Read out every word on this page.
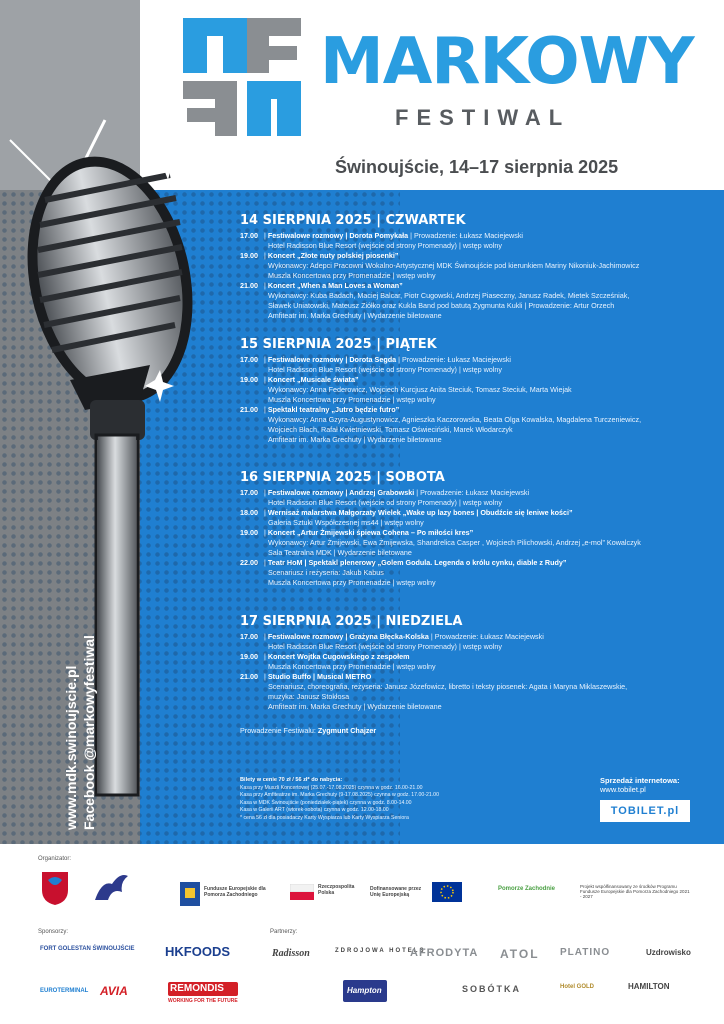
MARKOWY
FESTIWAL
Świnoujście, 14–17 sierpnia 2025
www.mdk.swinoujscie.pl Facebook @markowyfestiwal
14 SIERPNIA 2025 | CZWARTEK
17.00 | Festiwalowe rozmowy | Dorota Pomykała | Prowadzenie: Łukasz Maciejewski
Hotel Radisson Blue Resort (wejście od strony Promenady) | wstęp wolny
19.00 | Koncert „Złote nuty polskiej piosenki”
Wykonawcy: Adepci Pracowni Wokalno-Artystycznej MDK Świnoujście pod kierunkiem Mariny Nikoniuk-Jachimowicz
Muszla Koncertowa przy Promenadzie | wstęp wolny
21.00 | Koncert „When a Man Loves a Woman”
Wykonawcy: Kuba Badach, Maciej Balcar, Piotr Cugowski, Andrzej Piaseczny, Janusz Radek, Mietek Szcześniak,
Sławek Uniatowski, Mateusz Ziółko oraz Kukla Band pod batutą Zygmunta Kukli | Prowadzenie: Artur Orzech
Amfiteatr im. Marka Grechuty | Wydarzenie biletowane
15 SIERPNIA 2025 | PIĄTEK
17.00 | Festiwalowe rozmowy | Dorota Segda | Prowadzenie: Łukasz Maciejewski
Hotel Radisson Blue Resort (wejście od strony Promenady) | wstęp wolny
19.00 | Koncert „Musicale świata”
Wykonawcy: Anna Federowicz, Wojciech Kurcjusz Anita Steciuk, Tomasz Steciuk, Marta Wiejak
Muszla Koncertowa przy Promenadzie | wstęp wolny
21.00 | Spektakl teatralny „Jutro będzie futro”
Wykonawcy: Anna Gzyra-Augustynowicz, Agnieszka Kaczorowska, Beata Olga Kowalska, Magdalena Turczeniewicz,
Wojciech Błach, Rafał Kwietniewski, Tomasz Oświeciński, Marek Włodarczyk
Amfiteatr im. Marka Grechuty | Wydarzenie biletowane
16 SIERPNIA 2025 | SOBOTA
17.00 | Festiwalowe rozmowy | Andrzej Grabowski | Prowadzenie: Łukasz Maciejewski
Hotel Radisson Blue Resort (wejście od strony Promenady) | wstęp wolny
18.00 | Wernisaż malarstwa Małgorzaty Wielek „Wake up lazy bones | Obudźcie się leniwe kości”
Galeria Sztuki Współczesnej ms44 | wstęp wolny
19.00 | Koncert „Artur Żmijewski śpiewa Cohena – Po miłości kres”
Wykonawcy: Artur Żmijewski, Ewa Żmijewska, Shandrelica Casper , Wojciech Pilichowski, Andrzej „e-mol” Kowalczyk
Sala Teatralna MDK | Wydarzenie biletowane
22.00 | Teatr HoM | Spektakl plenerowy „Golem Godula. Legenda o królu cynku, diable z Rudy”
Scenariusz i reżyseria: Jakub Kabus
Muszla Koncertowa przy Promenadzie | wstęp wolny
17 SIERPNIA 2025 | NIEDZIELA
17.00 | Festiwalowe rozmowy | Grażyna Błęcka-Kolska | Prowadzenie: Łukasz Maciejewski
Hotel Radisson Blue Resort (wejście od strony Promenady) | wstęp wolny
19.00 | Koncert Wojtka Cugowskiego z zespołem
Muszla Koncertowa przy Promenadzie | wstęp wolny
21.00 | Studio Buffo | Musical METRO
Scenariusz, choreografia, reżyseria: Janusz Józefowicz, libretto i teksty piosenek: Agata i Maryna Miklaszewskie,
muzyka: Janusz Stokłosa
Amfiteatr im. Marka Grechuty | Wydarzenie biletowane
Prowadzenie Festiwalu: Zygmunt Chajzer
Bilety w cenie 70 zł / 56 zł* do nabycia:
Kasa przy Muszli Koncertowej (25.07.-17.08.2025) czynna w godz. 16.00-21.00
Kasa przy Amfiteatrze im. Marka Grechuty (9-17.08.2025) czynna w godz. 17.00-21.00
Kasa w MDK Świnoujście (poniedziałek-piątek) czynna w godz. 8.00-14.00
Kasa w Galerii ART (wtorek-sobota) czynna w godz. 12.00-18.00
* cena 56 zł dla posiadaczy Karty Wyspiarza lub Karty Wyspiarza Seniora
Sprzedaż internetowa:
www.tobilet.pl
TOBILET.pl
Organizator:
Fundusze Europejskie dla Pomorza Zachodniego
Rzeczpospolita Polska
Dofinansowane przez Unię Europejską
Pomorze Zachodnie	Projekt współfinansowany ze środków Programu Fundusze Europejskie dla Pomorza Zachodniego 2021 - 2027
Sponsorzy:	Partnerzy:
FORT GOLESTAN ŚWINOUJŚCIE HKFOODS
EUROTERMINAL AVIA	REMONDIS
WORKING FOR THE FUTURE
Radisson	ZDROJOWA HOTELS
AFRODYTA ATOL PLATINO	Uzdrowisko
Hampton	SOBÓTKA	Hotel GOLD	HAMILTON
